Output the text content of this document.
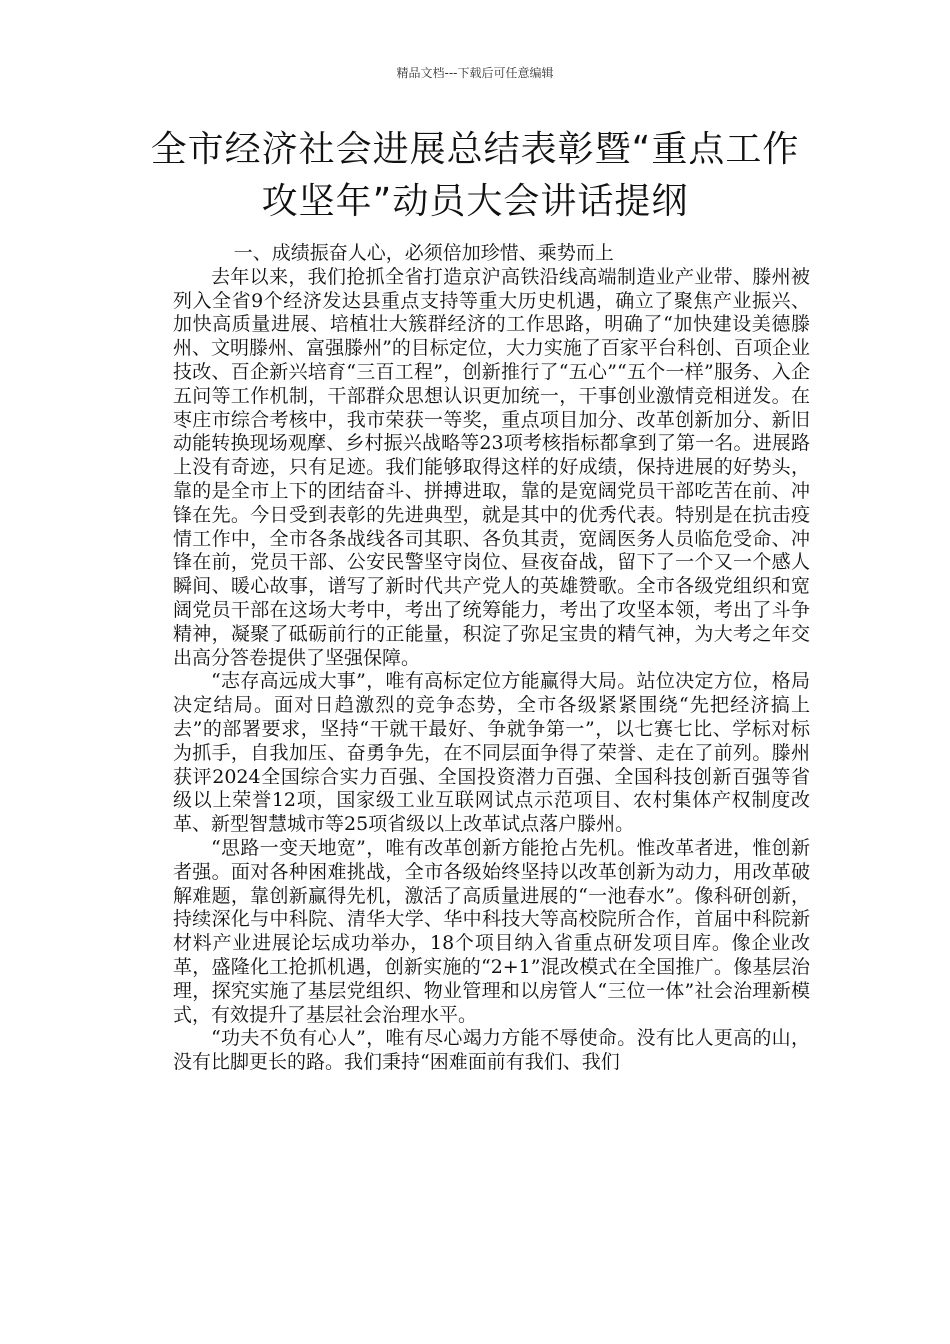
精品文档---下载后可任意编辑
全市经济社会进展总结表彰暨“重点工作
攻坚年”动员大会讲话提纲

一、成绩振奋人心，必须倍加珍惜、乘势而上

去年以来，我们抢抓全省打造京沪高铁沿线高端制造业产业带、滕州被列入全省9个经济发达县重点支持等重大历史机遇，确立了聚焦产业振兴、加快高质量进展、培植壮大簇群经济的工作思路，明确了“加快建设美德滕州、文明滕州、富强滕州”的目标定位，大力实施了百家平台科创、百项企业技改、百企新兴培育“三百工程”，创新推行了“五心”“五个一样”服务、入企五问等工作机制，干部群众思想认识更加统一，干事创业激情竞相迸发。在枣庄市综合考核中，我市荣获一等奖，重点项目加分、改革创新加分、新旧动能转换现场观摩、乡村振兴战略等23项考核指标都拿到了第一名。进展路上没有奇迹，只有足迹。我们能够取得这样的好成绩，保持进展的好势头，靠的是全市上下的团结奋斗、拼搏进取，靠的是宽阔党员干部吃苦在前、冲锋在先。今日受到表彰的先进典型，就是其中的优秀代表。特别是在抗击疫情工作中，全市各条战线各司其职、各负其责，宽阔医务人员临危受命、冲锋在前，党员干部、公安民警坚守岗位、昼夜奋战，留下了一个又一个感人瞬间、暖心故事，谱写了新时代共产党人的英雄赞歌。全市各级党组织和宽阔党员干部在这场大考中，考出了统筹能力，考出了攻坚本领，考出了斗争精神，凝聚了砥砺前行的正能量，积淀了弥足宝贵的精气神，为大考之年交出高分答卷提供了坚强保障。

“志存高远成大事”，唯有高标定位方能赢得大局。站位决定方位，格局决定结局。面对日趋激烈的竞争态势，全市各级紧紧围绕“先把经济搞上去”的部署要求，坚持“干就干最好、争就争第一”，以七赛七比、学标对标为抓手，自我加压、奋勇争先，在不同层面争得了荣誉、走在了前列。滕州获评2024全国综合实力百强、全国投资潜力百强、全国科技创新百强等省级以上荣誉12项，国家级工业互联网试点示范项目、农村集体产权制度改革、新型智慧城市等25项省级以上改革试点落户滕州。

“思路一变天地宽”，唯有改革创新方能抢占先机。惟改革者进，惟创新者强。面对各种困难挑战，全市各级始终坚持以改革创新为动力，用改革破解难题，靠创新赢得先机，激活了高质量进展的“一池春水”。像科研创新，持续深化与中科院、清华大学、华中科技大等高校院所合作，首届中科院新材料产业进展论坛成功举办，18个项目纳入省重点研发项目库。像企业改革，盛隆化工抢抓机遇，创新实施的“2+1”混改模式在全国推广。像基层治理，探究实施了基层党组织、物业管理和以房管人“三位一体”社会治理新模式，有效提升了基层社会治理水平。

“功夫不负有心人”，唯有尽心竭力方能不辱使命。没有比人更高的山，没有比脚更长的路。我们秉持“困难面前有我们、我们
